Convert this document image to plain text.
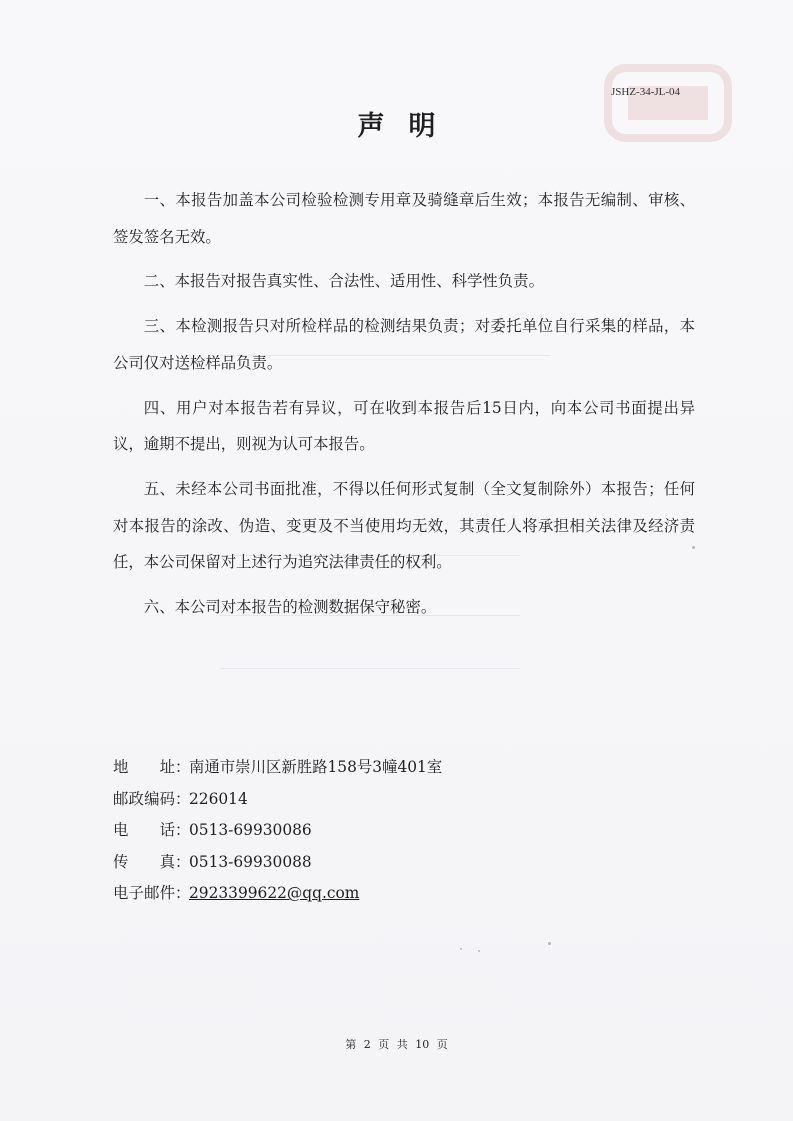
JSHZ-34-JL-04
声明

一、本报告加盖本公司检验检测专用章及骑缝章后生效；本报告无编制、审核、签发签名无效。

二、本报告对报告真实性、合法性、适用性、科学性负责。

三、本检测报告只对所检样品的检测结果负责；对委托单位自行采集的样品，本公司仅对送检样品负责。

四、用户对本报告若有异议，可在收到本报告后15日内，向本公司书面提出异议，逾期不提出，则视为认可本报告。

五、未经本公司书面批准，不得以任何形式复制（全文复制除外）本报告；任何对本报告的涂改、伪造、变更及不当使用均无效，其责任人将承担相关法律及经济责任，本公司保留对上述行为追究法律责任的权利。

六、本公司对本报告的检测数据保守秘密。

地址 ：
南通市崇川区新胜路158号3幢401室
邮政编码 ：
226014
电话 ：
0513-69930086
传真 ：
0513-69930088
电子邮件 ：
2923399622@qq.com
第 2 页 共 10 页
